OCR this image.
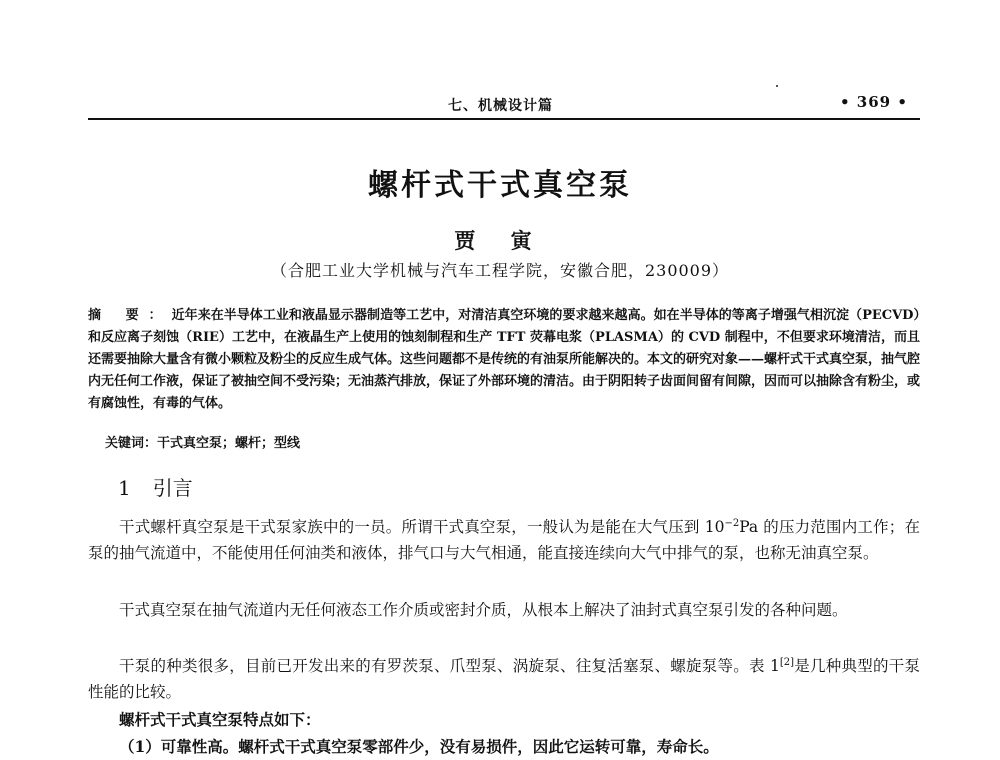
七、机械设计篇	• 369 •
螺杆式干式真空泵
贾 寅
（合肥工业大学机械与汽车工程学院，安徽合肥，230009）
摘 要：近年来在半导体工业和液晶显示器制造等工艺中，对清洁真空环境的要求越来越高。如在半导体的等离子增强气相沉淀（PECVD）和反应离子刻蚀（RIE）工艺中，在液晶生产上使用的蚀刻制程和生产 TFT 荧幕电浆（PLASMA）的 CVD 制程中，不但要求环境清洁，而且还需要抽除大量含有微小颗粒及粉尘的反应生成气体。这些问题都不是传统的有油泵所能解决的。本文的研究对象——螺杆式干式真空泵，抽气腔内无任何工作液，保证了被抽空间不受污染；无油蒸汽排放，保证了外部环境的清洁。由于阴阳转子齿面间留有间隙，因而可以抽除含有粉尘，或有腐蚀性，有毒的气体。
关键词：干式真空泵；螺杆；型线
1 引言
干式螺杆真空泵是干式泵家族中的一员。所谓干式真空泵，一般认为是能在大气压到 $10^{-2}Pa$ 的压力范围内工作；在泵的抽气流道中，不能使用任何油类和液体，排气口与大气相通，能直接连续向大气中排气的泵，也称无油真空泵。
干式真空泵在抽气流道内无任何液态工作介质或密封介质，从根本上解决了油封式真空泵引发的各种问题。
干泵的种类很多，目前已开发出来的有罗茨泵、爪型泵、涡旋泵、往复活塞泵、螺旋泵等。表 1[2]是几种典型的干泵性能的比较。
螺杆式干式真空泵特点如下：
（1）可靠性高。螺杆式干式真空泵零部件少，没有易损件，因此它运转可靠，寿命长。
